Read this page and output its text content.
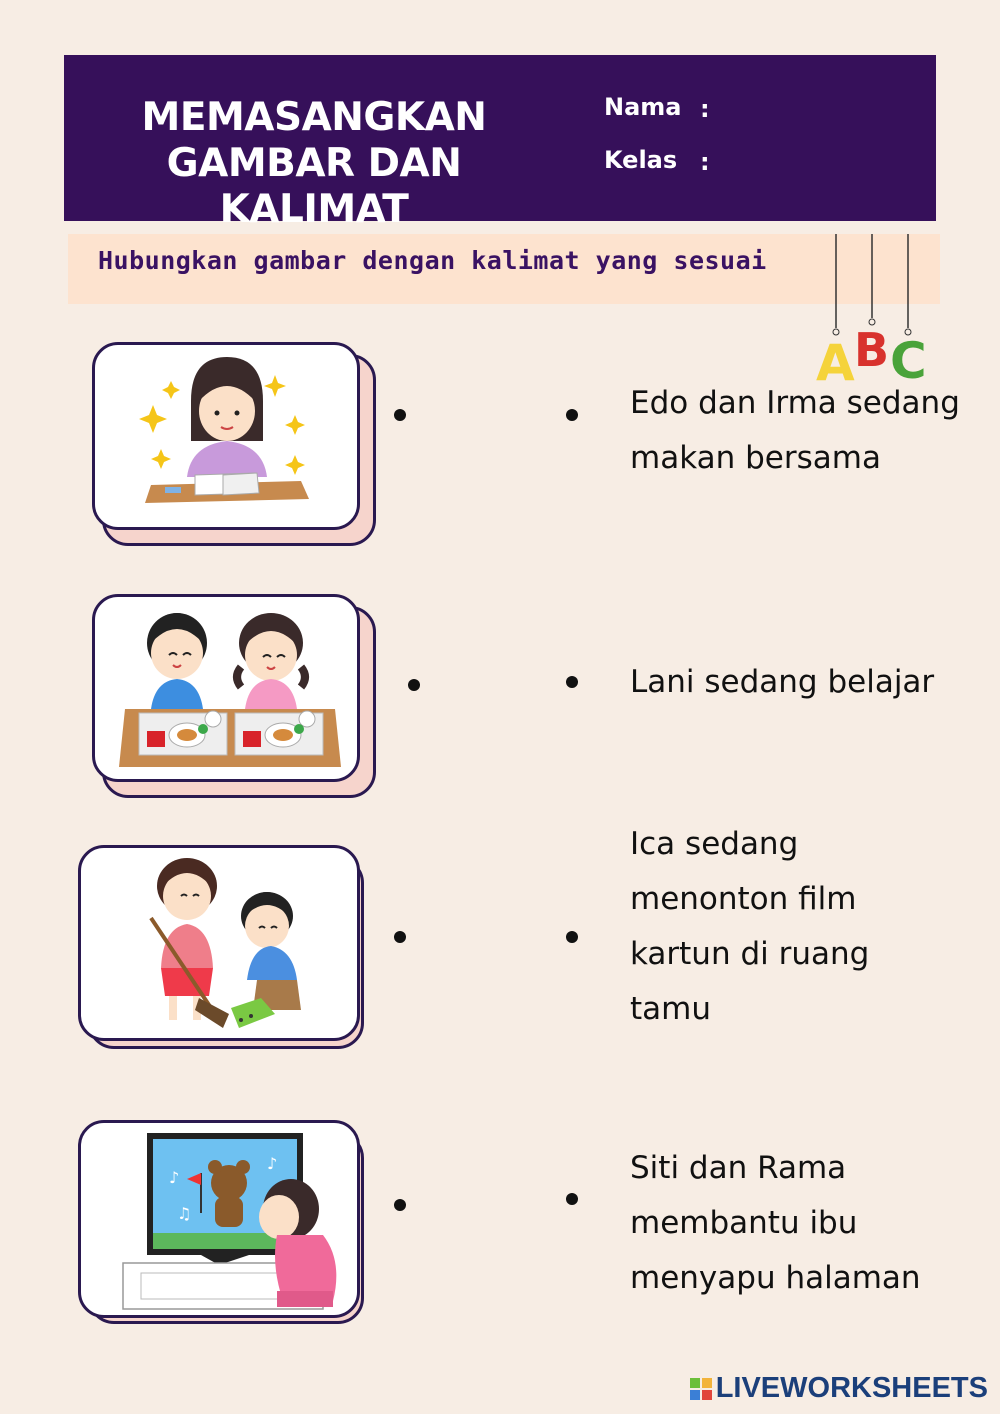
MEMASANGKAN
GAMBAR DAN KALIMAT
Nama :
Kelas :
Hubungkan gambar dengan kalimat yang sesuai
A B C
♪
♪
♫
Edo dan Irma sedang
makan bersama
Lani sedang belajar
Ica sedang
menonton film
kartun di ruang
tamu
Siti dan Rama
membantu ibu
menyapu halaman
LIVEWORKSHEETS
